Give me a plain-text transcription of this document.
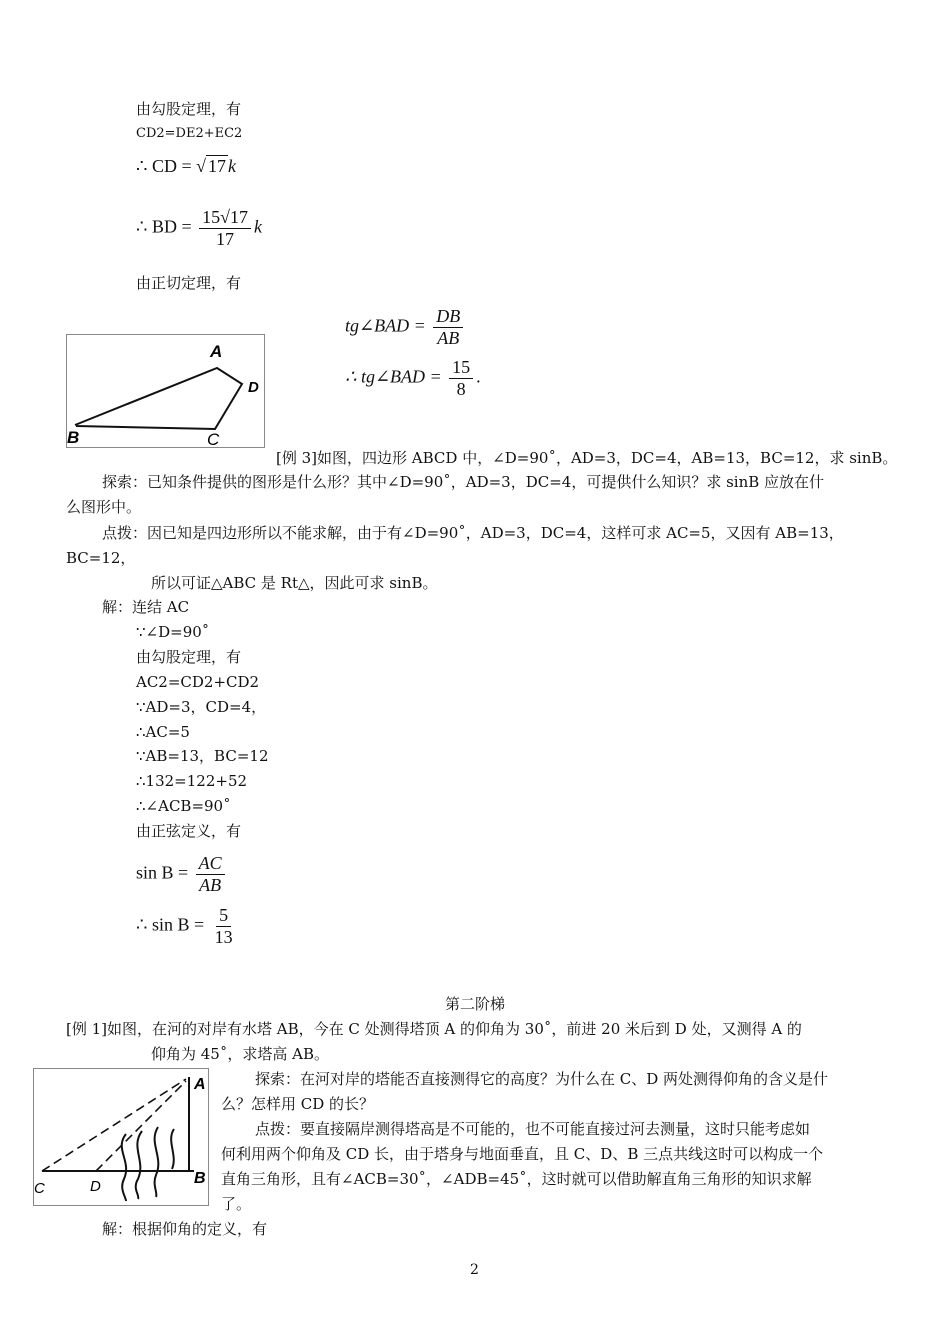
由勾股定理，有
CD2=DE2+EC2
∴ CD = √ 17 k
∴ BD = $\frac{15√17}{17}$ k
由正切定理，有
tg∠BAD = $\frac{DB}{AB}$
∴ tg∠BAD = $\frac{15}{8}$ .
A
B	C
D
[例 3]如图，四边形 ABCD 中，∠D=90˚，AD=3，DC=4，AB=13，BC=12，求 sinB。
探索：已知条件提供的图形是什么形？其中∠D=90˚，AD=3，DC=4，可提供什么知识？求 sinB 应放在什
么图形中。
点拨：因已知是四边形所以不能求解，由于有∠D=90˚，AD=3，DC=4，这样可求 AC=5，又因有 AB=13，
BC=12，
所以可证△ABC 是 Rt△，因此可求 sinB。
解：连结 AC
∵∠D=90˚
由勾股定理，有
AC2=CD2+CD2
∵AD=3，CD=4，
∴AC=5
∵AB=13，BC=12
∴132=122+52
∴∠ACB=90˚
由正弦定义，有
$\sin B = \frac{AC}{AB}$
∴ $\sin B = \frac{5}{13}$
第二阶梯
[例 1]如图，在河的对岸有水塔 AB，今在 C 处测得塔顶 A 的仰角为 30˚，前进 20 米后到 D 处，又测得 A 的
仰角为 45˚，求塔高 AB。
A
B
C	D
探索：在河对岸的塔能否直接测得它的高度？为什么在 C、D 两处测得仰角的含义是什
么？怎样用 CD 的长？
点拨：要直接隔岸测得塔高是不可能的，也不可能直接过河去测量，这时只能考虑如
何利用两个仰角及 CD 长，由于塔身与地面垂直，且 C、D、B 三点共线这时可以构成一个
直角三角形，且有∠ACB=30˚，∠ADB=45˚，这时就可以借助解直角三角形的知识求解
了。
解：根据仰角的定义，有
2
